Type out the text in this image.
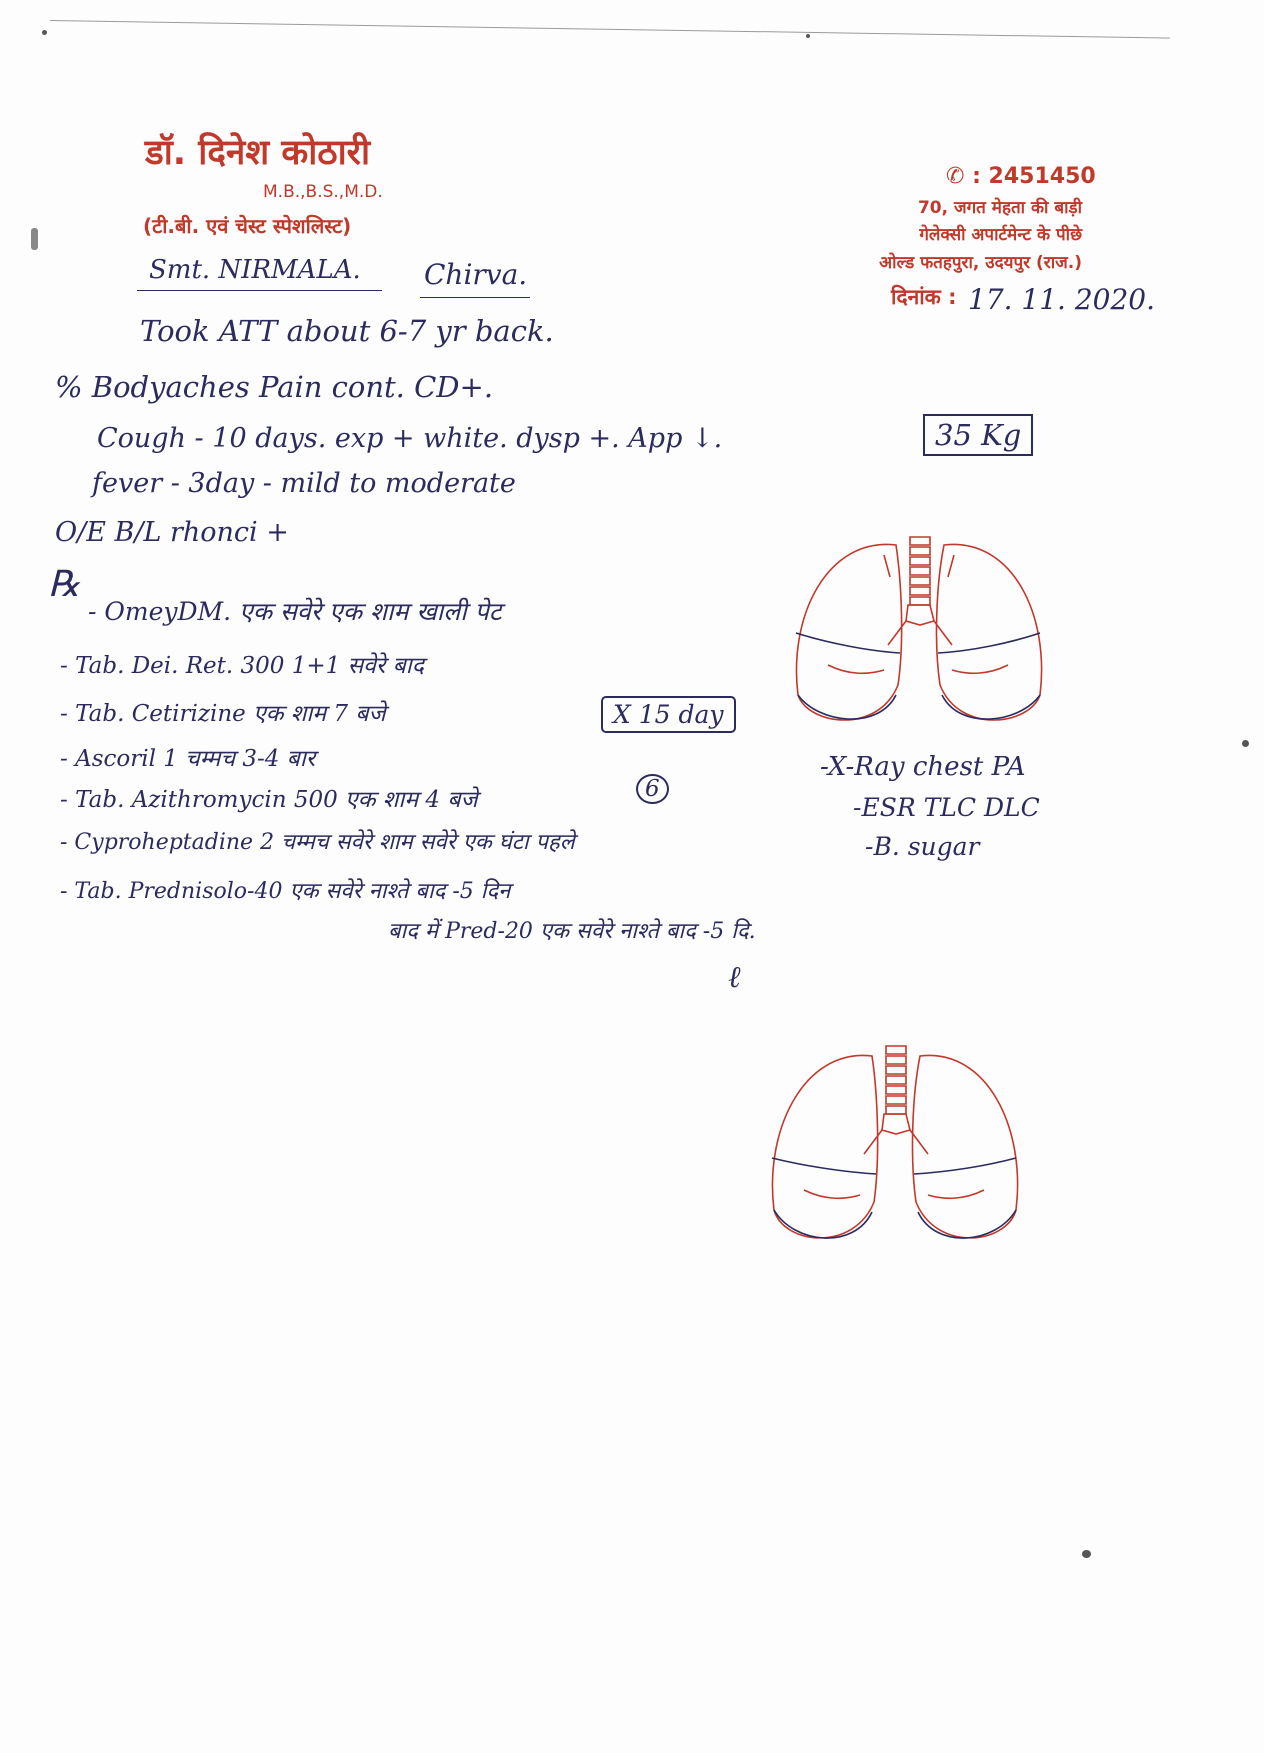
डॉ. दिनेश कोठारी
M.B.,B.S.,M.D.
(टी.बी. एवं चेस्ट स्पेशलिस्ट)
✆ : 2451450
70, जगत मेहता की बाड़ी
गेलेक्सी अपार्टमेन्ट के पीछे
ओल्ड फतहपुरा, उदयपुर (राज.)
दिनांक : 17. 11. 2020.
Smt. NIRMALA. Chirva.
Took ATT about 6-7 yr back.
% Bodyaches Pain cont. CD+.
Cough - 10 days. exp + white. dysp +. App ↓.	35 Kg
fever - 3day - mild to moderate
O/E B/L rhonci +
℞
- OmeyDM. एक सवेरे एक शाम खाली पेट
- Tab. Dei. Ret. 300 1+1 सवेरे बाद
- Tab. Cetirizine एक शाम 7 बजे	X 15 day
- Ascoril 1 चम्मच 3-4 बार
- Tab. Azithromycin 500 एक शाम 4 बजे	6
- Cyproheptadine 2 चम्मच सवेरे शाम सवेरे एक घंटा पहले
- Tab. Prednisolo-40 एक सवेरे नाश्ते बाद -5 दिन
बाद में Pred-20 एक सवेरे नाश्ते बाद -5 दि.
ℓ
-X-Ray chest PA
-ESR TLC DLC
-B. sugar
